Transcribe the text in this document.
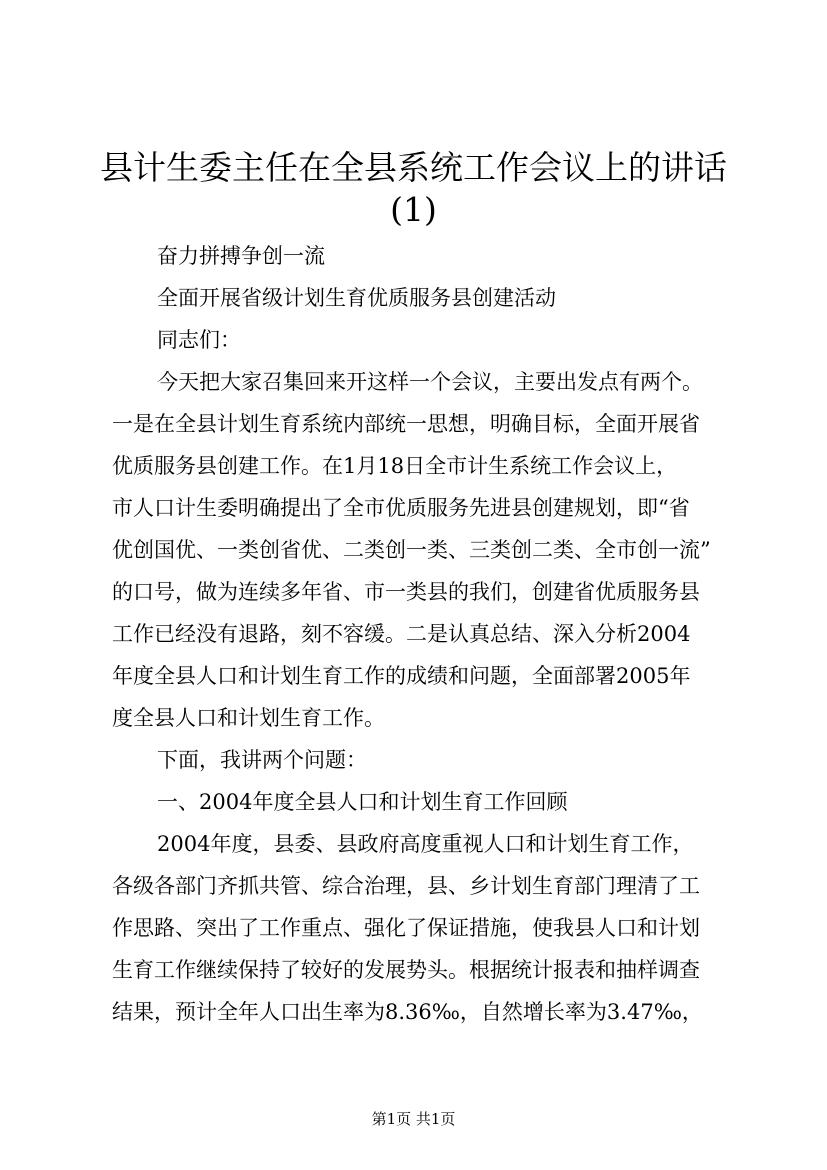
县计生委主任在全县系统工作会议上的讲话
(1)

奋力拼搏争创一流

全面开展省级计划生育优质服务县创建活动

同志们：

今天把大家召集回来开这样一个会议，主要出发点有两个。

一是在全县计划生育系统内部统一思想，明确目标，全面开展省

优质服务县创建工作。在1月18日全市计生系统工作会议上，

市人口计生委明确提出了全市优质服务先进县创建规划，即“省

优创国优、一类创省优、二类创一类、三类创二类、全市创一流”

的口号，做为连续多年省、市一类县的我们，创建省优质服务县

工作已经没有退路，刻不容缓。二是认真总结、深入分析2004

年度全县人口和计划生育工作的成绩和问题，全面部署2005年

度全县人口和计划生育工作。

下面，我讲两个问题：

一、2004年度全县人口和计划生育工作回顾

2004年度，县委、县政府高度重视人口和计划生育工作，

各级各部门齐抓共管、综合治理，县、乡计划生育部门理清了工

作思路、突出了工作重点、强化了保证措施，使我县人口和计划

生育工作继续保持了较好的发展势头。根据统计报表和抽样调查

结果，预计全年人口出生率为8.36‰，自然增长率为3.47‰，

第1页 共1页
